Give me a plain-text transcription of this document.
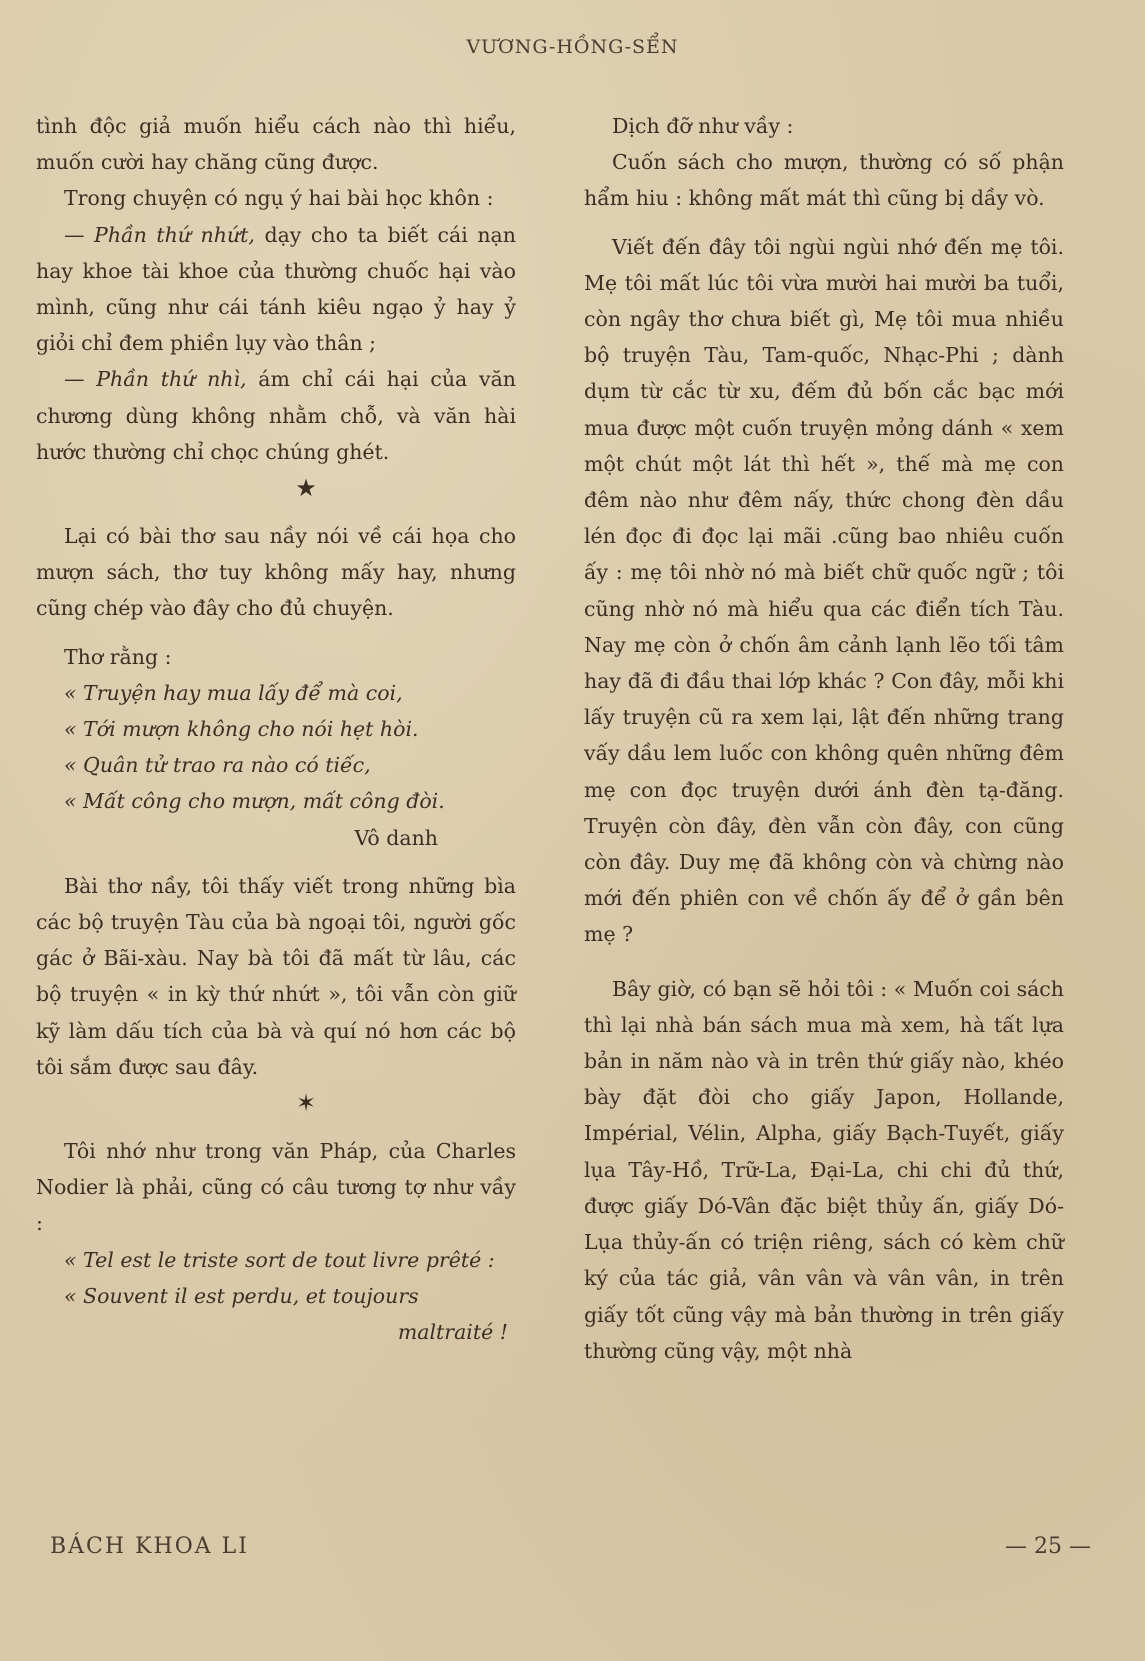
VƯƠNG-HỒNG-SỂN

tình độc giả muốn hiểu cách nào thì hiểu, muốn cười hay chăng cũng được.

Trong chuyện có ngụ ý hai bài học khôn :

— Phần thứ nhứt, dạy cho ta biết cái nạn hay khoe tài khoe của thường chuốc hại vào mình, cũng như cái tánh kiêu ngạo ỷ hay ỷ giỏi chỉ đem phiền lụy vào thân ;

— Phần thứ nhì, ám chỉ cái hại của văn chương dùng không nhằm chỗ, và văn hài hước thường chỉ chọc chúng ghét.

★

Lại có bài thơ sau nầy nói về cái họa cho mượn sách, thơ tuy không mấy hay, nhưng cũng chép vào đây cho đủ chuyện.

Thơ rằng :

« Truyện hay mua lấy để mà coi,
« Tới mượn không cho nói hẹt hòi.
« Quân tử trao ra nào có tiếc,
« Mất công cho mượn, mất công đòi.
Vô danh

Bài thơ nầy, tôi thấy viết trong những bìa các bộ truyện Tàu của bà ngoại tôi, người gốc gác ở Bãi-xàu. Nay bà tôi đã mất từ lâu, các bộ truyện « in kỳ thứ nhứt », tôi vẫn còn giữ kỹ làm dấu tích của bà và quí nó hơn các bộ tôi sắm được sau đây.

✶

Tôi nhớ như trong văn Pháp, của Charles Nodier là phải, cũng có câu tương tợ như vầy :

« Tel est le triste sort de tout livre prêté :
« Souvent il est perdu, et toujours
maltraité !

Dịch đỡ như vầy :

Cuốn sách cho mượn, thường có số phận hẩm hiu : không mất mát thì cũng bị dầy vò.

Viết đến đây tôi ngùi ngùi nhớ đến mẹ tôi. Mẹ tôi mất lúc tôi vừa mười hai mười ba tuổi, còn ngây thơ chưa biết gì, Mẹ tôi mua nhiều bộ truyện Tàu, Tam-quốc, Nhạc-Phi ; dành dụm từ cắc từ xu, đếm đủ bốn cắc bạc mới mua được một cuốn truyện mỏng dánh « xem một chút một lát thì hết », thế mà mẹ con đêm nào như đêm nấy, thức chong đèn dầu lén đọc đi đọc lại mãi .cũng bao nhiêu cuốn ấy : mẹ tôi nhờ nó mà biết chữ quốc ngữ ; tôi cũng nhờ nó mà hiểu qua các điển tích Tàu. Nay mẹ còn ở chốn âm cảnh lạnh lẽo tối tâm hay đã đi đầu thai lớp khác ? Con đây, mỗi khi lấy truyện cũ ra xem lại, lật đến những trang vấy dầu lem luốc con không quên những đêm mẹ con đọc truyện dưới ánh đèn tạ-đăng. Truyện còn đây, đèn vẫn còn đây, con cũng còn đây. Duy mẹ đã không còn và chừng nào mới đến phiên con về chốn ấy để ở gần bên mẹ ?

Bây giờ, có bạn sẽ hỏi tôi : « Muốn coi sách thì lại nhà bán sách mua mà xem, hà tất lựa bản in năm nào và in trên thứ giấy nào, khéo bày đặt đòi cho giấy Japon, Hollande, Impérial, Vélin, Alpha, giấy Bạch-Tuyết, giấy lụa Tây-Hồ, Trữ-La, Đại-La, chi chi đủ thứ, được giấy Dó-Vân đặc biệt thủy ấn, giấy Dó-Lụa thủy-ấn có triện riêng, sách có kèm chữ ký của tác giả, vân vân và vân vân, in trên giấy tốt cũng vậy mà bản thường in trên giấy thường cũng vậy, một nhà

BÁCH KHOA LI	— 25 —
